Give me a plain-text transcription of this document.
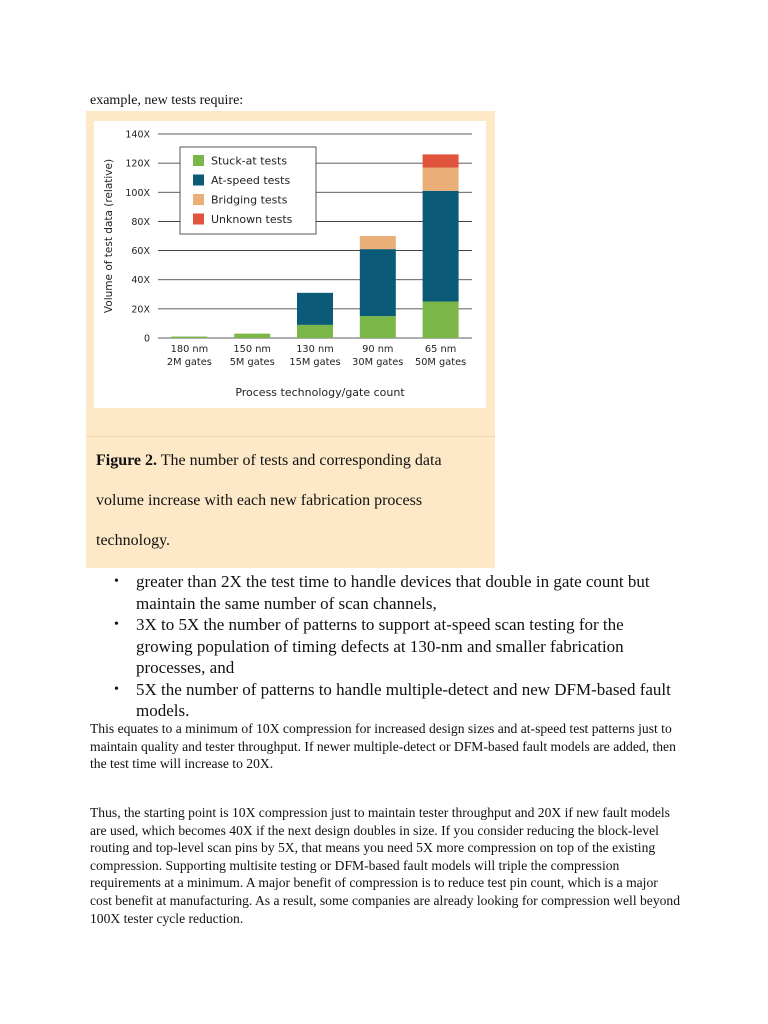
example, new tests require:
0
20X
40X
60X
80X
100X
120X
140X
Volume of test data (relative)
180 nm
2M gates
150 nm
5M gates
130 nm
15M gates
90 nm
30M gates
65 nm
50M gates
Process technology/gate count
Stuck-at tests
At-speed tests
Bridging tests
Unknown tests
Figure 2. The number of tests and corresponding data volume increase with each new fabrication process technology.
• greater than 2X the test time to handle devices that double in gate count but maintain the same number of scan channels,
• 3X to 5X the number of patterns to support at-speed scan testing for the growing population of timing defects at 130-nm and smaller fabrication processes, and
• 5X the number of patterns to handle multiple-detect and new DFM-based fault models.

This equates to a minimum of 10X compression for increased design sizes and at-speed test patterns just to maintain quality and tester throughput. If newer multiple-detect or DFM-based fault models are added, then the test time will increase to 20X.

Thus, the starting point is 10X compression just to maintain tester throughput and 20X if new fault models are used, which becomes 40X if the next design doubles in size. If you consider reducing the block-level routing and top-level scan pins by 5X, that means you need 5X more compression on top of the existing compression. Supporting multisite testing or DFM-based fault models will triple the compression requirements at a minimum. A major benefit of compression is to reduce test pin count, which is a major cost benefit at manufacturing. As a result, some companies are already looking for compression well beyond 100X tester cycle reduction.
